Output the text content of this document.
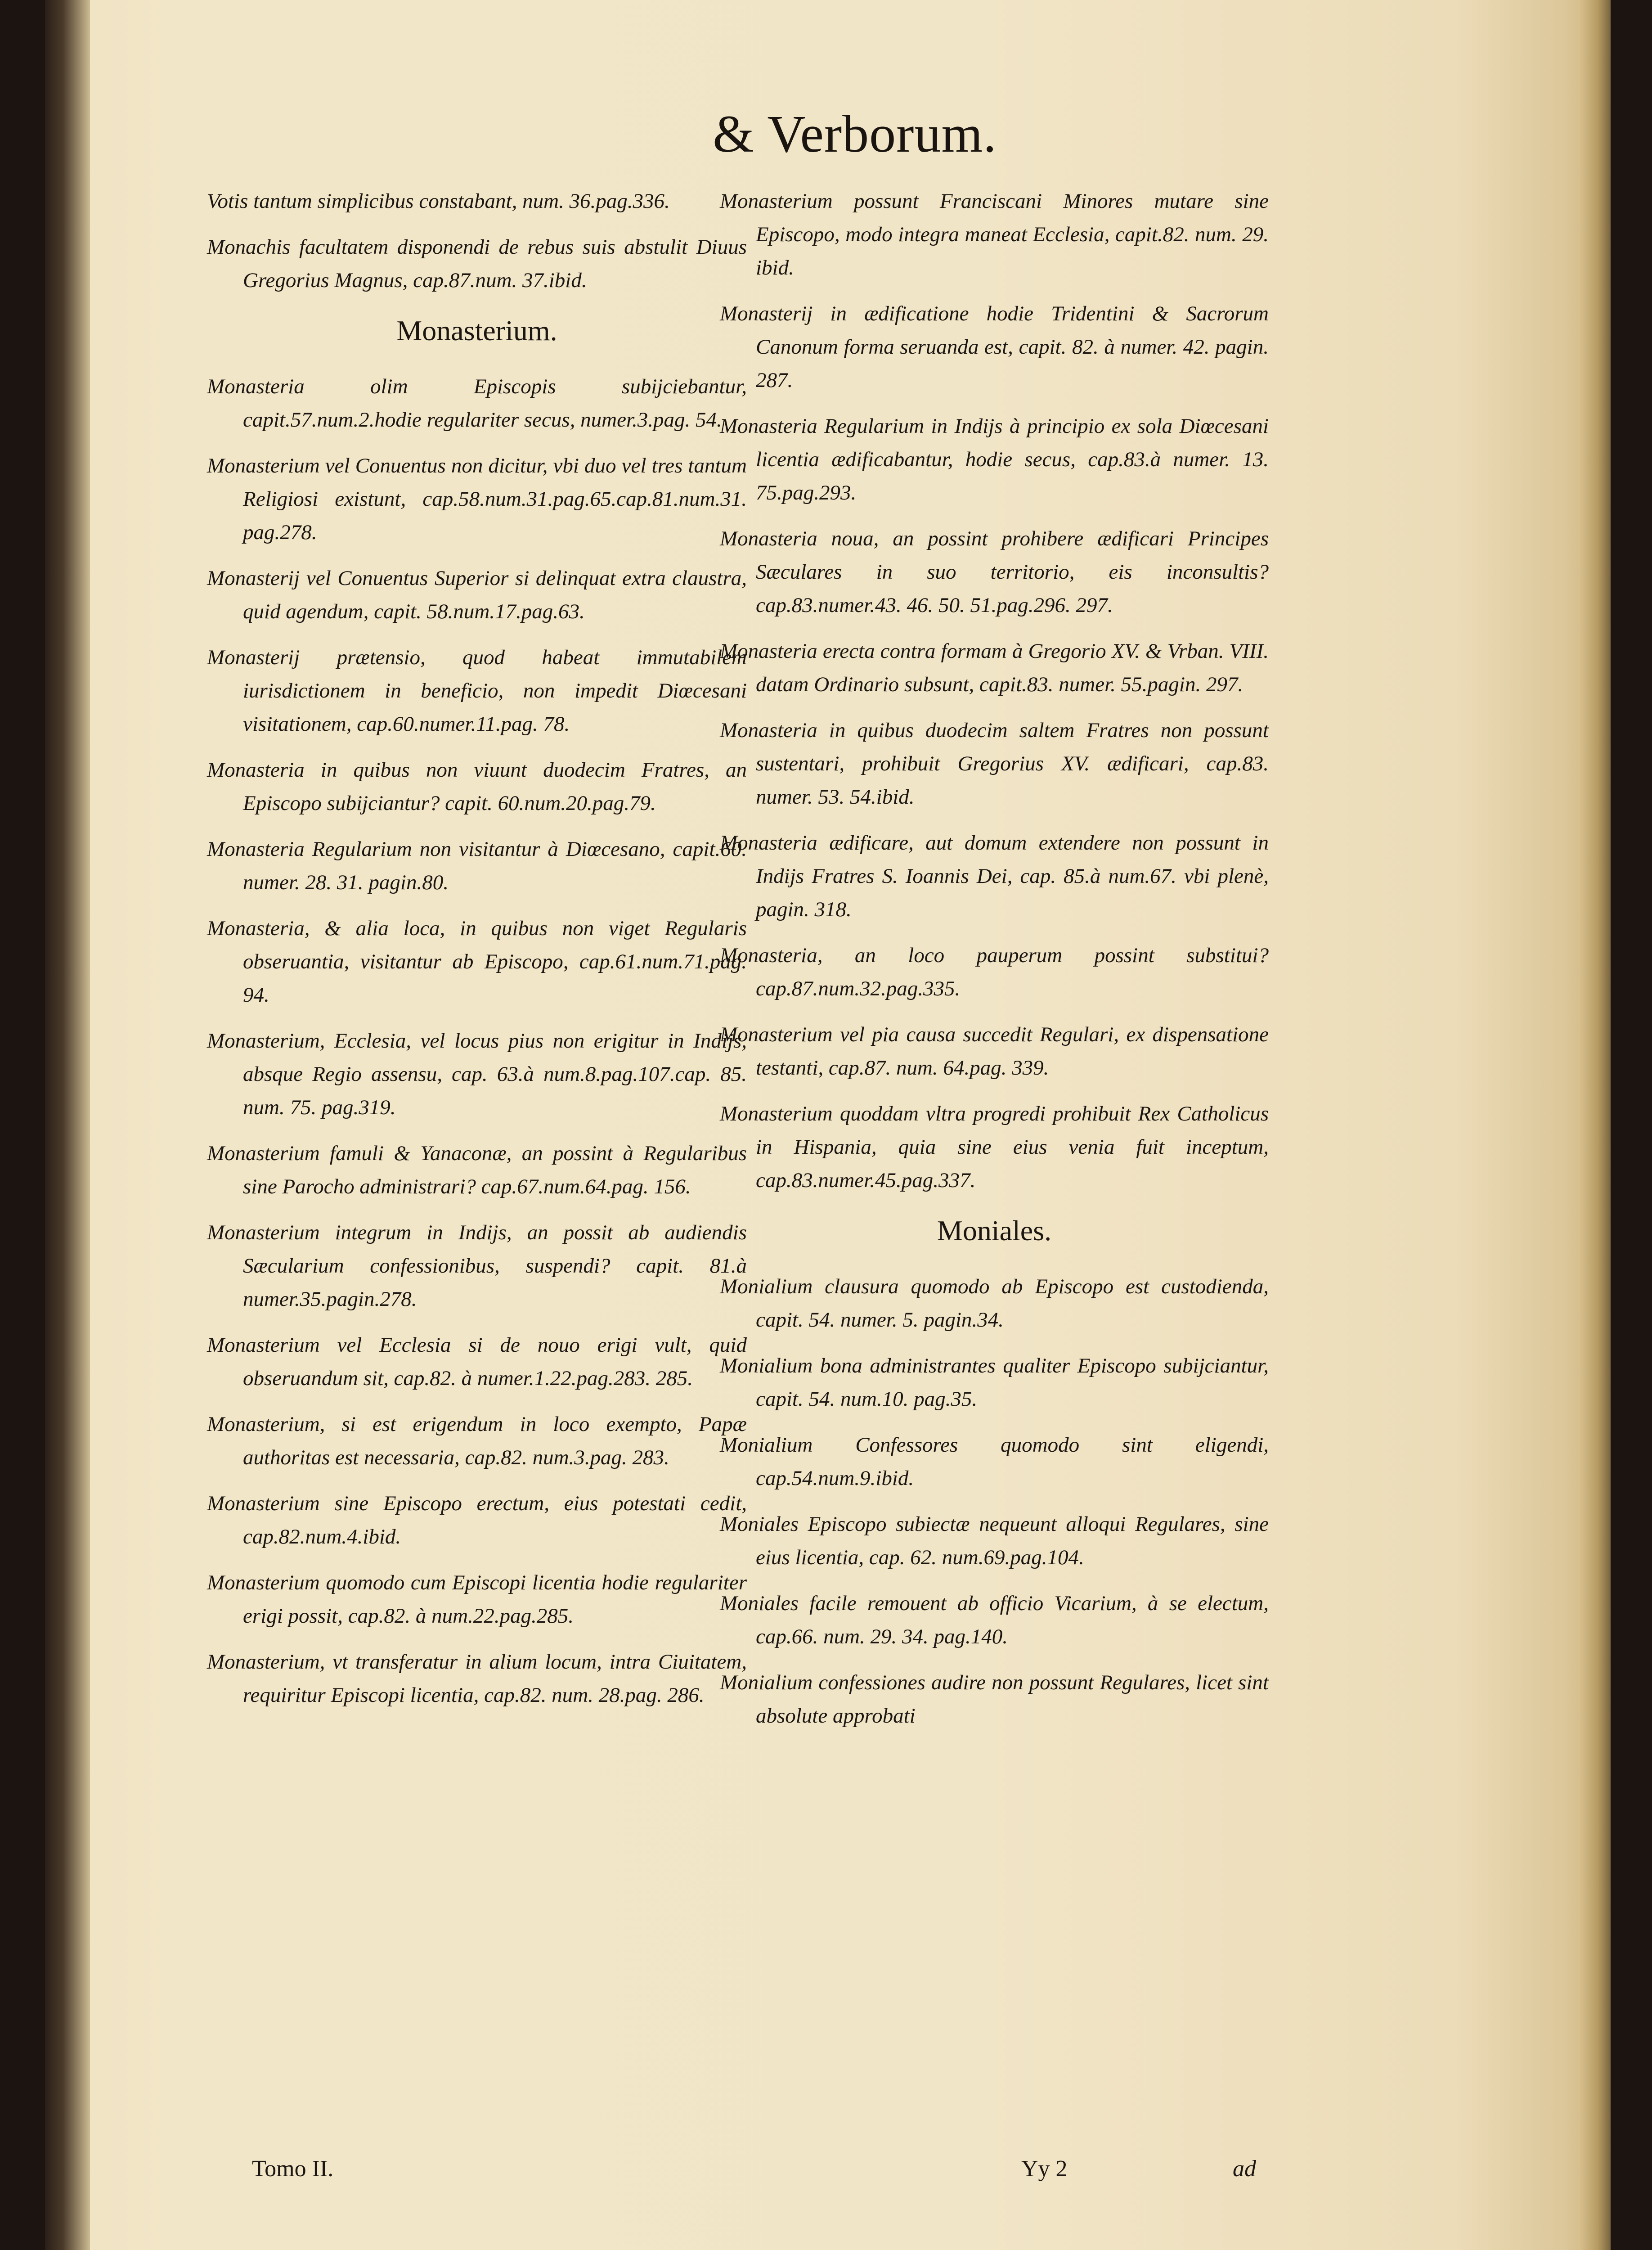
& Verborum.
Votis tantum simplicibus constabant, num. 36.pag.336.
Monachis facultatem disponendi de rebus suis abstulit Diuus Gregorius Magnus, cap.87.num. 37.ibid.
Monasterium.
Monasteria olim Episcopis subijciebantur, capit.57.num.2.hodie regulariter secus, numer.3.pag. 54.
Monasterium vel Conuentus non dicitur, vbi duo vel tres tantum Religiosi existunt, cap.58.num.31.pag.65.cap.81.num.31. pag.278.
Monasterij vel Conuentus Superior si delinquat extra claustra, quid agendum, capit. 58.num.17.pag.63.
Monasterij prætensio, quod habeat immutabilem iurisdictionem in beneficio, non impedit Diœcesani visitationem, cap.60.numer.11.pag. 78.
Monasteria in quibus non viuunt duodecim Fratres, an Episcopo subijciantur? capit. 60.num.20.pag.79.
Monasteria Regularium non visitantur à Diœcesano, capit.60. numer. 28. 31. pagin.80.
Monasteria, & alia loca, in quibus non viget Regularis obseruantia, visitantur ab Episcopo, cap.61.num.71.pag. 94.
Monasterium, Ecclesia, vel locus pius non erigitur in Indijs, absque Regio assensu, cap. 63.à num.8.pag.107.cap. 85. num. 75. pag.319.
Monasterium famuli & Yanaconæ, an possint à Regularibus sine Parocho administrari? cap.67.num.64.pag. 156.
Monasterium integrum in Indijs, an possit ab audiendis Sæcularium confessionibus, suspendi? capit. 81.à numer.35.pagin.278.
Monasterium vel Ecclesia si de nouo erigi vult, quid obseruandum sit, cap.82. à numer.1.22.pag.283. 285.
Monasterium, si est erigendum in loco exempto, Papæ authoritas est necessaria, cap.82. num.3.pag. 283.
Monasterium sine Episcopo erectum, eius potestati cedit, cap.82.num.4.ibid.
Monasterium quomodo cum Episcopi licentia hodie regulariter erigi possit, cap.82. à num.22.pag.285.
Monasterium, vt transferatur in alium locum, intra Ciuitatem, requiritur Episcopi licentia, cap.82. num. 28.pag. 286.
Monasterium possunt Franciscani Minores mutare sine Episcopo, modo integra maneat Ecclesia, capit.82. num. 29. ibid.
Monasterij in ædificatione hodie Tridentini & Sacrorum Canonum forma seruanda est, capit. 82. à numer. 42. pagin. 287.
Monasteria Regularium in Indijs à principio ex sola Diœcesani licentia ædificabantur, hodie secus, cap.83.à numer. 13. 75.pag.293.
Monasteria noua, an possint prohibere ædificari Principes Sæculares in suo territorio, eis inconsultis? cap.83.numer.43. 46. 50. 51.pag.296. 297.
Monasteria erecta contra formam à Gregorio XV. & Vrban. VIII. datam Ordinario subsunt, capit.83. numer. 55.pagin. 297.
Monasteria in quibus duodecim saltem Fratres non possunt sustentari, prohibuit Gregorius XV. ædificari, cap.83. numer. 53. 54.ibid.
Monasteria ædificare, aut domum extendere non possunt in Indijs Fratres S. Ioannis Dei, cap. 85.à num.67. vbi plenè, pagin. 318.
Monasteria, an loco pauperum possint substitui? cap.87.num.32.pag.335.
Monasterium vel pia causa succedit Regulari, ex dispensatione testanti, cap.87. num. 64.pag. 339.
Monasterium quoddam vltra progredi prohibuit Rex Catholicus in Hispania, quia sine eius venia fuit inceptum, cap.83.numer.45.pag.337.
Moniales.
Monialium clausura quomodo ab Episcopo est custodienda, capit. 54. numer. 5. pagin.34.
Monialium bona administrantes qualiter Episcopo subijciantur, capit. 54. num.10. pag.35.
Monialium Confessores quomodo sint eligendi, cap.54.num.9.ibid.
Moniales Episcopo subiectæ nequeunt alloqui Regulares, sine eius licentia, cap. 62. num.69.pag.104.
Moniales facile remouent ab officio Vicarium, à se electum, cap.66. num. 29. 34. pag.140.
Monialium confessiones audire non possunt Regulares, licet sint absolute approbati
Tomo II.	Yy 2	ad
